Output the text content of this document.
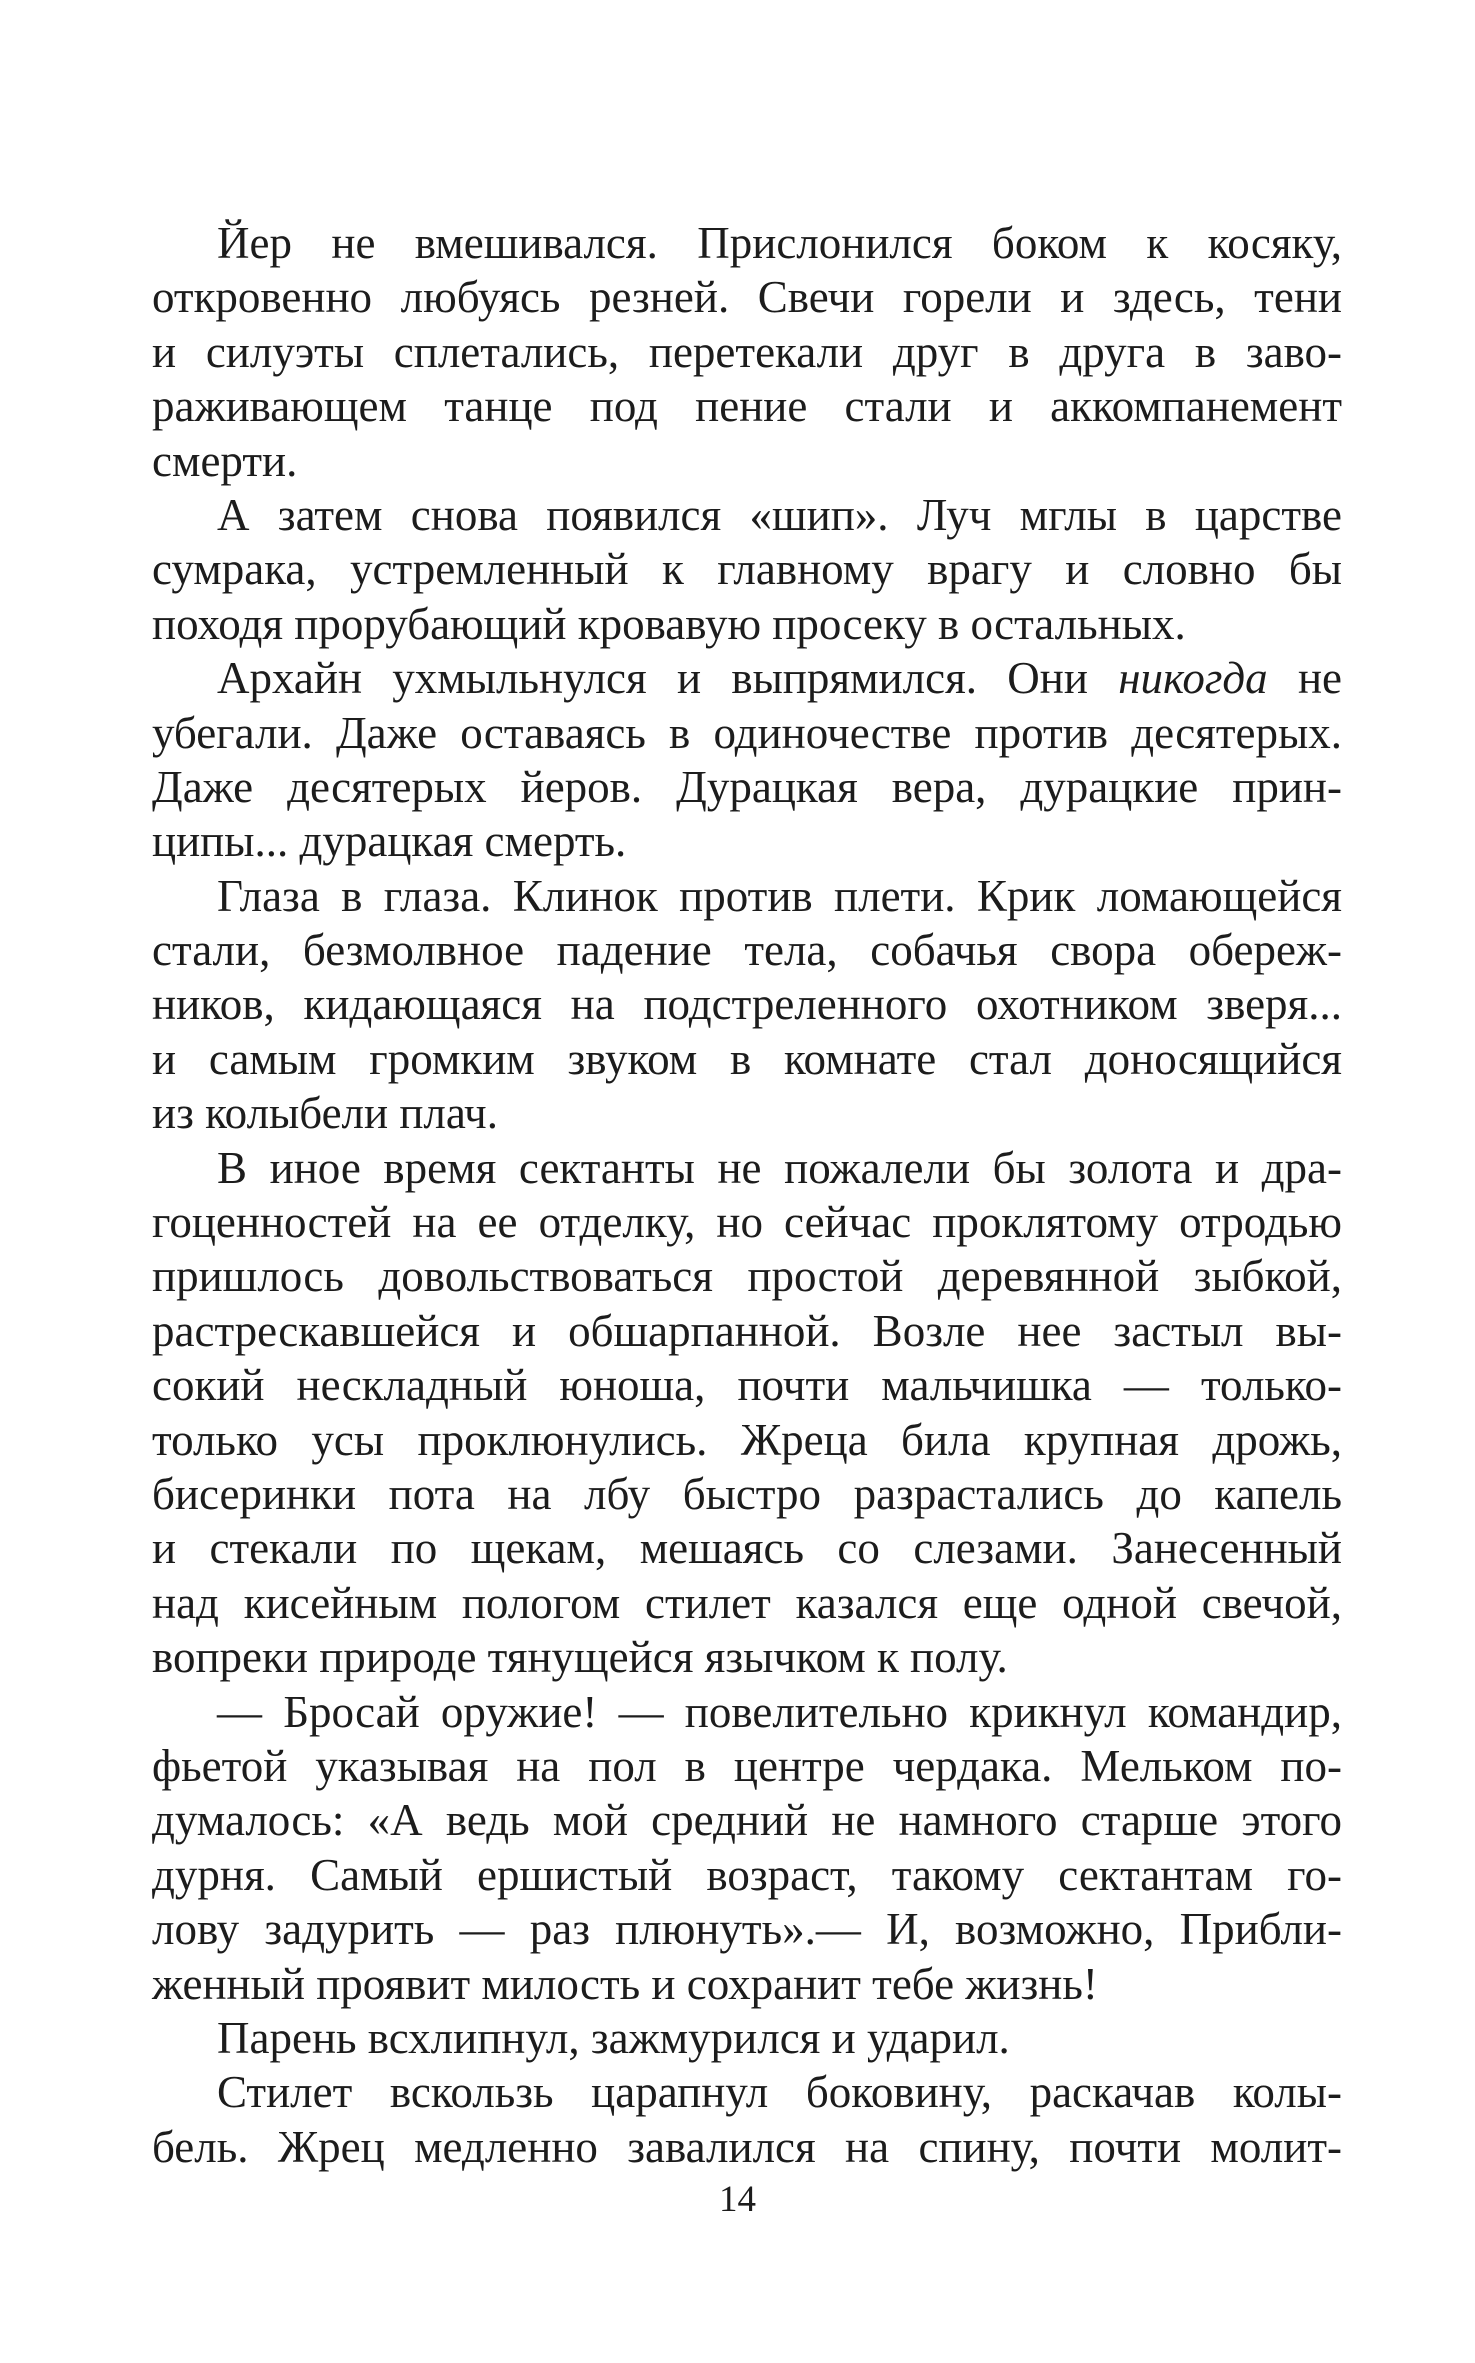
Йер не вмешивался. Прислонился боком к косяку,
откровенно любуясь резней. Свечи горели и здесь, тени
и силуэты сплетались, перетекали друг в друга в заво-
раживающем танце под пение стали и аккомпанемент
смерти.
А затем снова появился «шип». Луч мглы в царстве
сумрака, устремленный к главному врагу и словно бы
походя прорубающий кровавую просеку в остальных.
Архайн ухмыльнулся и выпрямился. Они никогда не
убегали. Даже оставаясь в одиночестве против десятерых.
Даже десятерых йеров. Дурацкая вера, дурацкие прин-
ципы... дурацкая смерть.
Глаза в глаза. Клинок против плети. Крик ломающейся
стали, безмолвное падение тела, собачья свора обереж-
ников, кидающаяся на подстреленного охотником зверя...
и самым громким звуком в комнате стал доносящийся
из колыбели плач.
В иное время сектанты не пожалели бы золота и дра-
гоценностей на ее отделку, но сейчас проклятому отродью
пришлось довольствоваться простой деревянной зыбкой,
растрескавшейся и обшарпанной. Возле нее застыл вы-
сокий нескладный юноша, почти мальчишка — только-
только усы проклюнулись. Жреца била крупная дрожь,
бисеринки пота на лбу быстро разрастались до капель
и стекали по щекам, мешаясь со слезами. Занесенный
над кисейным пологом стилет казался еще одной свечой,
вопреки природе тянущейся язычком к полу.
— Бросай оружие! — повелительно крикнул командир,
фьетой указывая на пол в центре чердака. Мельком по-
думалось: «А ведь мой средний не намного старше этого
дурня. Самый ершистый возраст, такому сектантам го-
лову задурить — раз плюнуть».— И, возможно, Прибли-
женный проявит милость и сохранит тебе жизнь!
Парень всхлипнул, зажмурился и ударил.
Стилет вскользь царапнул боковину, раскачав колы-
бель. Жрец медленно завалился на спину, почти молит-
14
